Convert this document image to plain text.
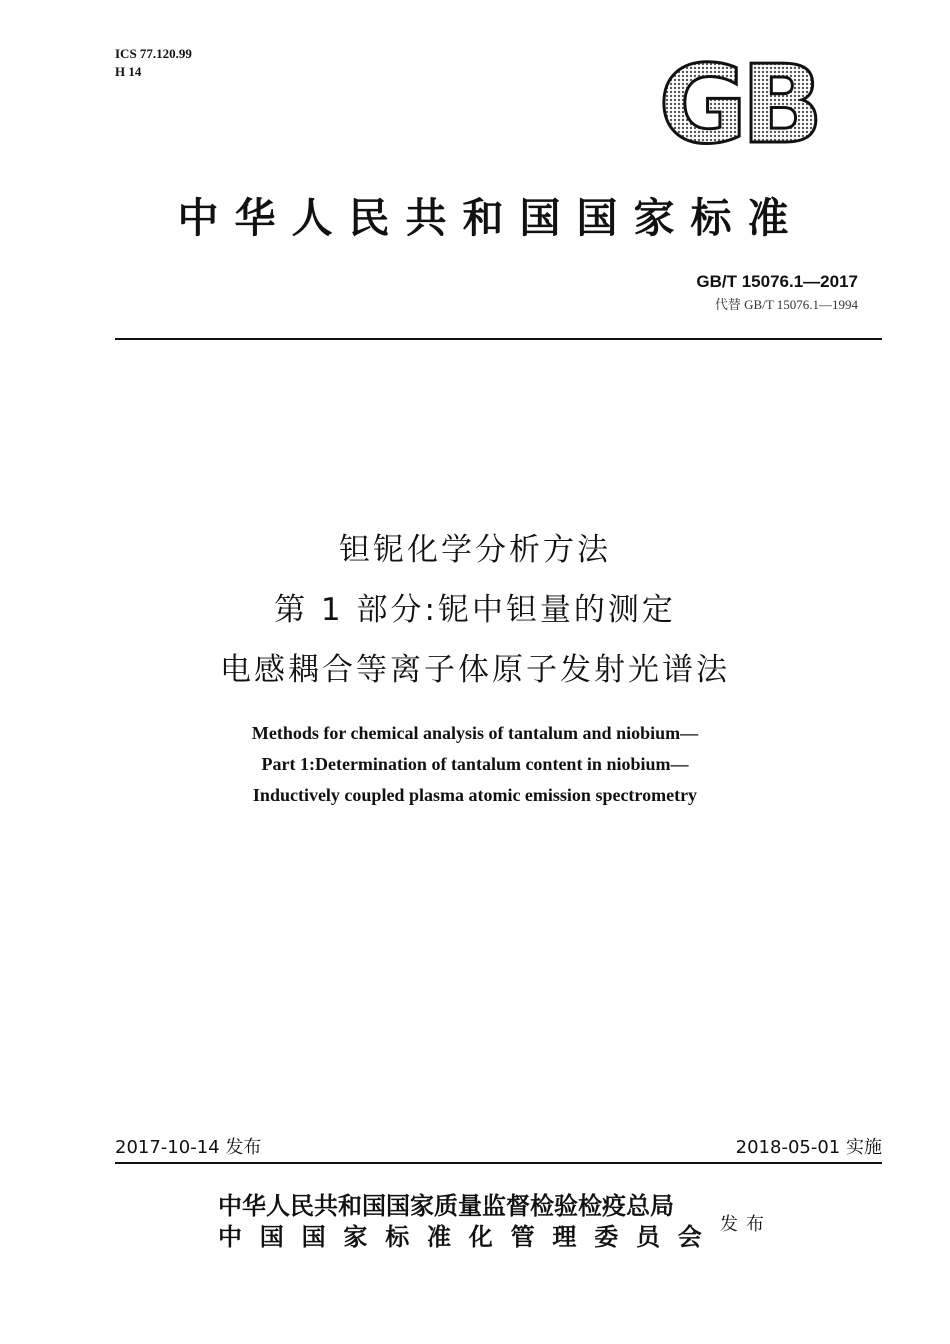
ICS 77.120.99
H 14	GB
中华人民共和国国家标准
GB/T 15076.1—2017
代替 GB/T 15076.1—1994
钽铌化学分析方法
第 1 部分:铌中钽量的测定
电感耦合等离子体原子发射光谱法
Methods for chemical analysis of tantalum and niobium—
Part 1:Determination of tantalum content in niobium—
Inductively coupled plasma atomic emission spectrometry
2017-10-14 发布	2018-05-01 实施
中华人民共和国国家质量监督检验检疫总局
中国国家标准化管理委员会 发布
